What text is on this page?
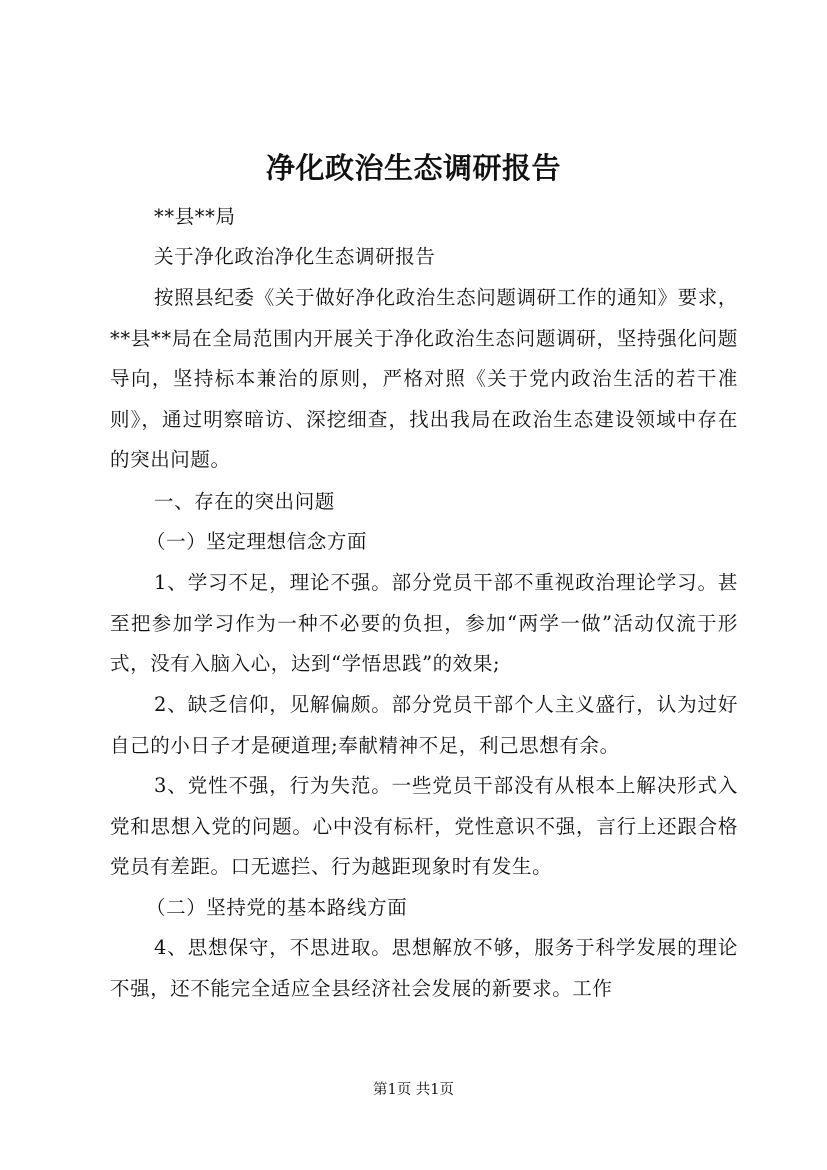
净化政治生态调研报告

**县**局

关于净化政治净化生态调研报告

按照县纪委《关于做好净化政治生态问题调研工作的通知》要求，**县**局在全局范围内开展关于净化政治生态问题调研，坚持强化问题导向，坚持标本兼治的原则，严格对照《关于党内政治生活的若干准则》，通过明察暗访、深挖细查，找出我局在政治生态建设领域中存在的突出问题。

一、存在的突出问题

（一）坚定理想信念方面

1、学习不足，理论不强。部分党员干部不重视政治理论学习。甚至把参加学习作为一种不必要的负担，参加“两学一做”活动仅流于形式，没有入脑入心，达到“学悟思践”的效果;

2、缺乏信仰，见解偏颇。部分党员干部个人主义盛行，认为过好自己的小日子才是硬道理;奉献精神不足，利己思想有余。

3、党性不强，行为失范。一些党员干部没有从根本上解决形式入党和思想入党的问题。心中没有标杆，党性意识不强，言行上还跟合格党员有差距。口无遮拦、行为越距现象时有发生。

（二）坚持党的基本路线方面

4、思想保守，不思进取。思想解放不够，服务于科学发展的理论不强，还不能完全适应全县经济社会发展的新要求。工作

第1页 共1页
